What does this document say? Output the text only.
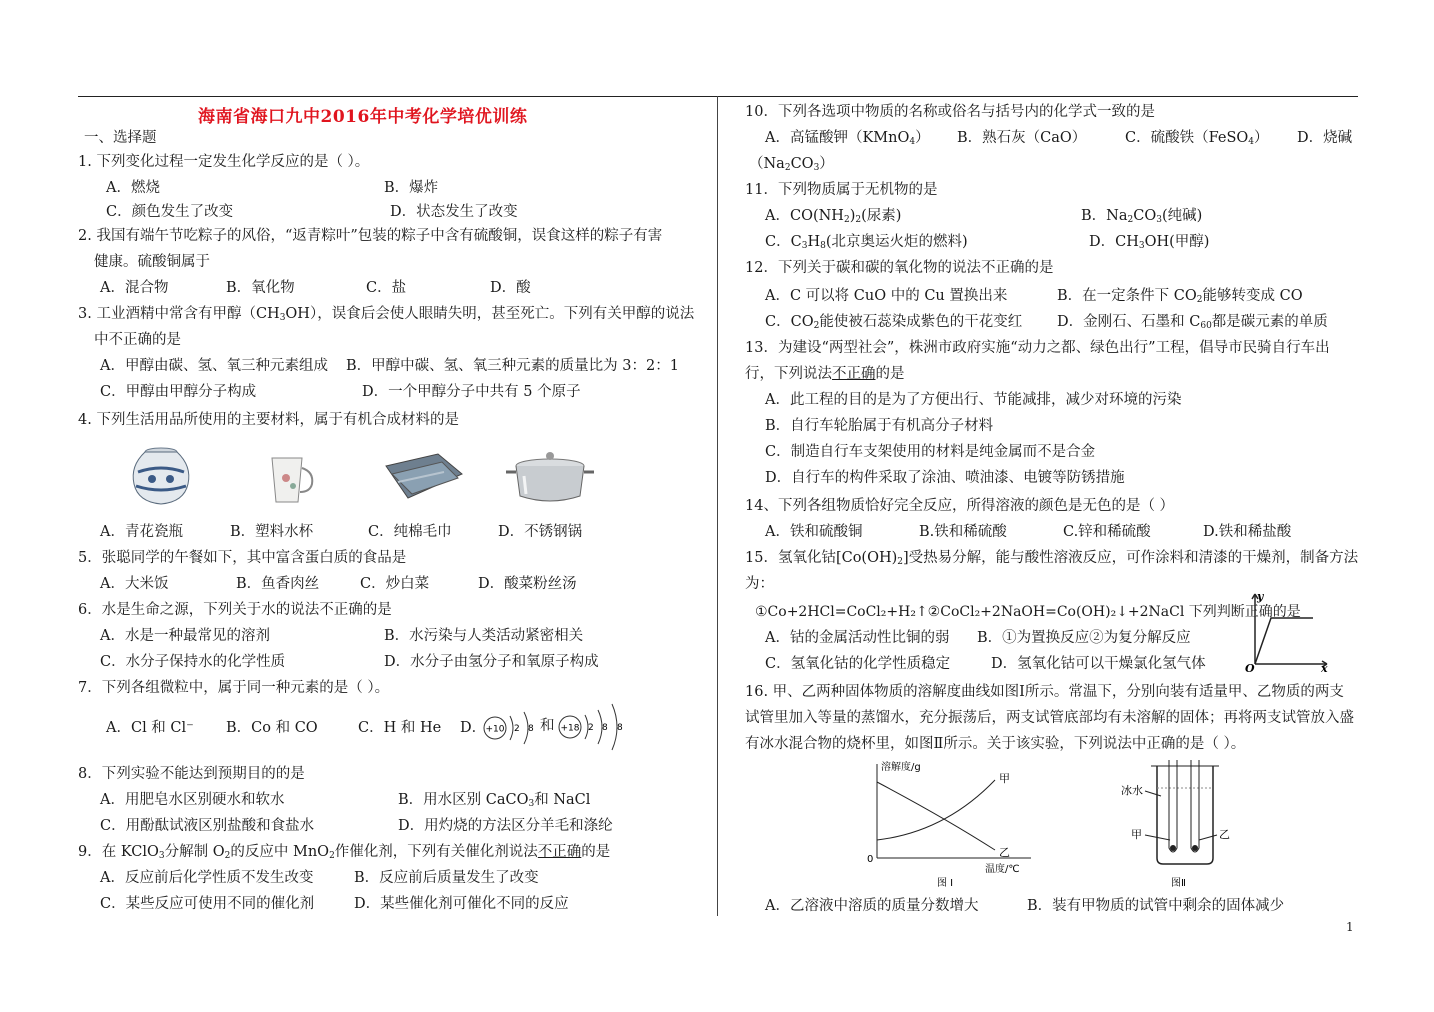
海南省海口九中2016年中考化学培优训练
一、选择题
1. 下列变化过程一定发生化学反应的是（ ）。
A．燃烧	B．爆炸
C．颜色发生了改变	D．状态发生了改变
2. 我国有端午节吃粽子的风俗，“返青粽叶”包装的粽子中含有硫酸铜，误食这样的粽子有害
健康。硫酸铜属于
A．混合物	B．氧化物	C．盐	D．酸
3. 工业酒精中常含有甲醇$(CH_3OH)$，误食后会使人眼睛失明，甚至死亡。下列有关甲醇的说法
中不正确的是
A．甲醇由碳、氢、氧三种元素组成 B．甲醇中碳、氢、氧三种元素的质量比为 3：2：1
C．甲醇由甲醇分子构成	D．一个甲醇分子中共有 5 个原子
4. 下列生活用品所使用的主要材料，属于有机合成材料的是
A．青花瓷瓶	B．塑料水杯	C．纯棉毛巾	D．不锈钢锅
5．张聪同学的午餐如下，其中富含蛋白质的食品是
A．大米饭	B．鱼香肉丝	C．炒白菜	D．酸菜粉丝汤
6．水是生命之源，下列关于水的说法不正确的是
A．水是一种最常见的溶剂	B．水污染与人类活动紧密相关
C．水分子保持水的化学性质	D．水分子由氢分子和氧原子构成
7．下列各组微粒中，属于同一种元素的是（ ）。
A．Cl 和 Cl⁻ B．Co 和 CO	C．H 和 He D． +10 2 8 和 +18 2 8 8
8．下列实验不能达到预期目的的是
A．用肥皂水区别硬水和软水	B．用水区别 CaCO$_3$和 NaCl
C．用酚酞试液区别盐酸和食盐水	D．用灼烧的方法区分羊毛和涤纶
9．在 KClO$_3$分解制 $O_2$的反应中 MnO$_2$作催化剂，下列有关催化剂说法不正确的是
A．反应前后化学性质不发生改变	B．反应前后质量发生了改变
C．某些反应可使用不同的催化剂	D．某些催化剂可催化不同的反应
10．下列各选项中物质的名称或俗名与括号内的化学式一致的是
A．高锰酸钾（KMnO$_4$） B．熟石灰（CaO）	C．硫酸铁（FeSO$_4$） D．烧碱
$(Na_2CO_3)$
11．下列物质属于无机物的是
A．$CO(NH_2)_2$(尿素)	B．$Na_2CO_3$(纯碱)
C．$C_3H_8$(北京奥运火炬的燃料)	D．$CH_3OH$(甲醇)
12．下列关于碳和碳的氧化物的说法不正确的是
A．C 可以将 CuO 中的 Cu 置换出来	B．在一定条件下 $CO_2$能够转变成 CO
C．$CO_2$能使被石蕊染成紫色的干花变红 D．金刚石、石墨和 $C_{60}$都是碳元素的单质
13．为建设“两型社会”，株洲市政府实施“动力之都、绿色出行”工程，倡导市民骑自行车出
行，下列说法不正确的是
A．此工程的目的是为了方便出行、节能减排，减少对环境的污染
B．自行车轮胎属于有机高分子材料
C．制造自行车支架使用的材料是纯金属而不是合金
D．自行车的构件采取了涂油、喷油漆、电镀等防锈措施
14、下列各组物质恰好完全反应，所得溶液的颜色是无色的是（ ）
A．铁和硫酸铜	B.铁和稀硫酸	C.锌和稀硫酸	D.铁和稀盐酸
15．氢氧化钴$[Co(OH)_2]$受热易分解，能与酸性溶液反应，可作涂料和清漆的干燥剂，制备方法
为：
①Co+2HCl=CoCl₂+H₂↑②CoCl₂+2NaOH=Co(OH)₂↓+2NaCl 下列判断正确的是
A．钴的金属活动性比铜的弱 B．①为置换反应②为复分解反应
C．氢氧化钴的化学性质稳定	D．氢氧化钴可以干燥氯化氢气体
y
x
O
16. 甲、乙两种固体物质的溶解度曲线如图Ⅰ所示。常温下，分别向装有适量甲、乙物质的两支
试管里加入等量的蒸馏水，充分振荡后，两支试管底部均有未溶解的固体；再将两支试管放入盛
有冰水混合物的烧杯里，如图Ⅱ所示。关于该实验，下列说法中正确的是（ ）。
溶解度/g
温度/℃
0
甲
乙
图 I
冰水
甲	乙
图Ⅱ
A．乙溶液中溶质的质量分数增大	B．装有甲物质的试管中剩余的固体减少
1
